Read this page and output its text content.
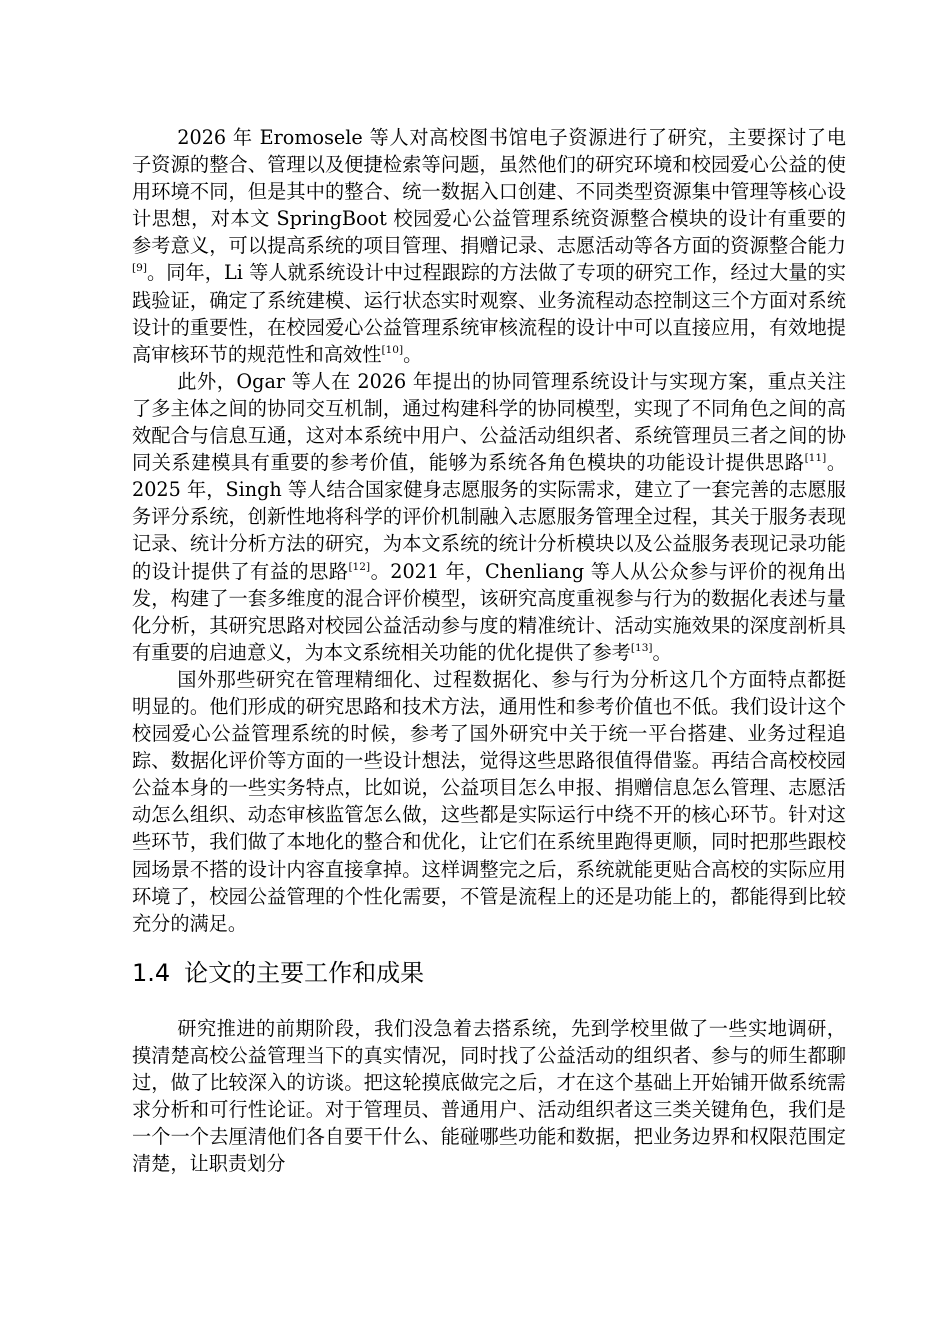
2026 年 Eromosele 等人对高校图书馆电子资源进行了研究，主要探讨了电子资源的整合、管理以及便捷检索等问题，虽然他们的研究环境和校园爱心公益的使用环境不同，但是其中的整合、统一数据入口创建、不同类型资源集中管理等核心设计思想，对本文 SpringBoot 校园爱心公益管理系统资源整合模块的设计有重要的参考意义，可以提高系统的项目管理、捐赠记录、志愿活动等各方面的资源整合能力[9]。同年，Li 等人就系统设计中过程跟踪的方法做了专项的研究工作，经过大量的实践验证，确定了系统建模、运行状态实时观察、业务流程动态控制这三个方面对系统设计的重要性，在校园爱心公益管理系统审核流程的设计中可以直接应用，有效地提高审核环节的规范性和高效性[10]。

此外，Ogar 等人在 2026 年提出的协同管理系统设计与实现方案，重点关注了多主体之间的协同交互机制，通过构建科学的协同模型，实现了不同角色之间的高效配合与信息互通，这对本系统中用户、公益活动组织者、系统管理员三者之间的协同关系建模具有重要的参考价值，能够为系统各角色模块的功能设计提供思路[11]。2025 年，Singh 等人结合国家健身志愿服务的实际需求，建立了一套完善的志愿服务评分系统，创新性地将科学的评价机制融入志愿服务管理全过程，其关于服务表现记录、统计分析方法的研究，为本文系统的统计分析模块以及公益服务表现记录功能的设计提供了有益的思路[12]。2021 年，Chenliang 等人从公众参与评价的视角出发，构建了一套多维度的混合评价模型，该研究高度重视参与行为的数据化表述与量化分析，其研究思路对校园公益活动参与度的精准统计、活动实施效果的深度剖析具有重要的启迪意义，为本文系统相关功能的优化提供了参考[13]。

国外那些研究在管理精细化、过程数据化、参与行为分析这几个方面特点都挺明显的。他们形成的研究思路和技术方法，通用性和参考价值也不低。我们设计这个校园爱心公益管理系统的时候，参考了国外研究中关于统一平台搭建、业务过程追踪、数据化评价等方面的一些设计想法，觉得这些思路很值得借鉴。再结合高校校园公益本身的一些实务特点，比如说，公益项目怎么申报、捐赠信息怎么管理、志愿活动怎么组织、动态审核监管怎么做，这些都是实际运行中绕不开的核心环节。针对这些环节，我们做了本地化的整合和优化，让它们在系统里跑得更顺，同时把那些跟校园场景不搭的设计内容直接拿掉。这样调整完之后，系统就能更贴合高校的实际应用环境了，校园公益管理的个性化需要，不管是流程上的还是功能上的，都能得到比较充分的满足。

1.4 论文的主要工作和成果

研究推进的前期阶段，我们没急着去搭系统，先到学校里做了一些实地调研，摸清楚高校公益管理当下的真实情况，同时找了公益活动的组织者、参与的师生都聊过，做了比较深入的访谈。把这轮摸底做完之后，才在这个基础上开始铺开做系统需求分析和可行性论证。对于管理员、普通用户、活动组织者这三类关键角色，我们是一个一个去厘清他们各自要干什么、能碰哪些功能和数据，把业务边界和权限范围定清楚，让职责划分
